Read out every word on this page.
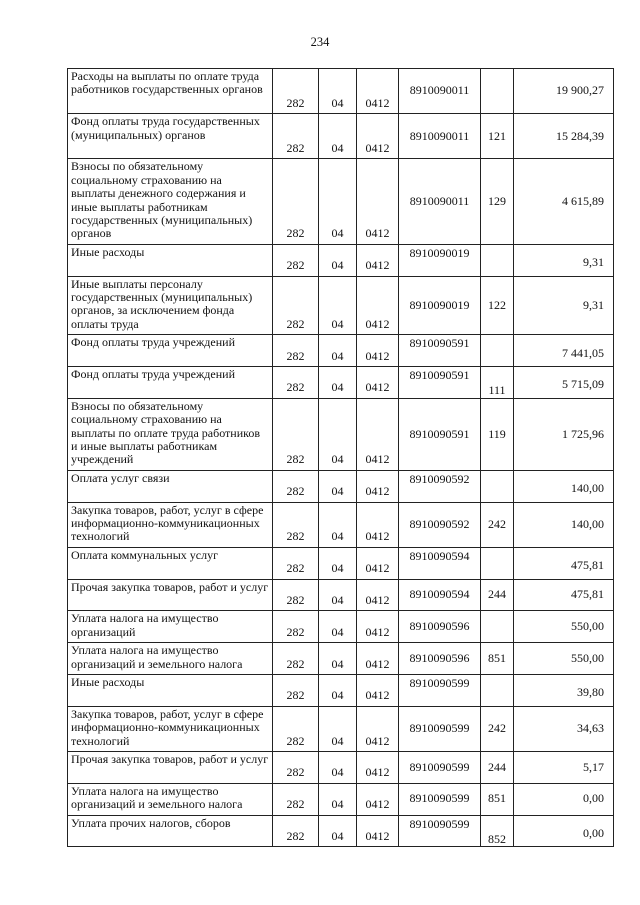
234
Расходы на выплаты по оплате труда работников государственных органов	282	04	0412	8910090011		19 900,27
Фонд оплаты труда государственных (муниципальных) органов	282	04	0412	8910090011	121	15 284,39
Взносы по обязательному социальному страхованию на выплаты денежного содержания и иные выплаты работникам государственных (муниципальных) органов	282	04	0412	8910090011	129	4 615,89
Иные расходы	282	04	0412	8910090019		9,31
Иные выплаты персоналу государственных (муниципальных) органов, за исключением фонда оплаты труда	282	04	0412	8910090019	122	9,31
Фонд оплаты труда учреждений	282	04	0412	8910090591		7 441,05
Фонд оплаты труда учреждений	282	04	0412	8910090591	111	5 715,09
Взносы по обязательному социальному страхованию на выплаты по оплате труда работников и иные выплаты работникам учреждений	282	04	0412	8910090591	119	1 725,96
Оплата услуг связи	282	04	0412	8910090592		140,00
Закупка товаров, работ, услуг в сфере информационно-коммуникационных технологий	282	04	0412	8910090592	242	140,00
Оплата коммунальных услуг	282	04	0412	8910090594		475,81
Прочая закупка товаров, работ и услуг	282	04	0412	8910090594	244	475,81
Уплата налога на имущество организаций	282	04	0412	8910090596		550,00
Уплата налога на имущество организаций и земельного налога	282	04	0412	8910090596	851	550,00
Иные расходы	282	04	0412	8910090599		39,80
Закупка товаров, работ, услуг в сфере информационно-коммуникационных технологий	282	04	0412	8910090599	242	34,63
Прочая закупка товаров, работ и услуг	282	04	0412	8910090599	244	5,17
Уплата налога на имущество организаций и земельного налога	282	04	0412	8910090599	851	0,00
Уплата прочих налогов, сборов	282	04	0412	8910090599	852	0,00
